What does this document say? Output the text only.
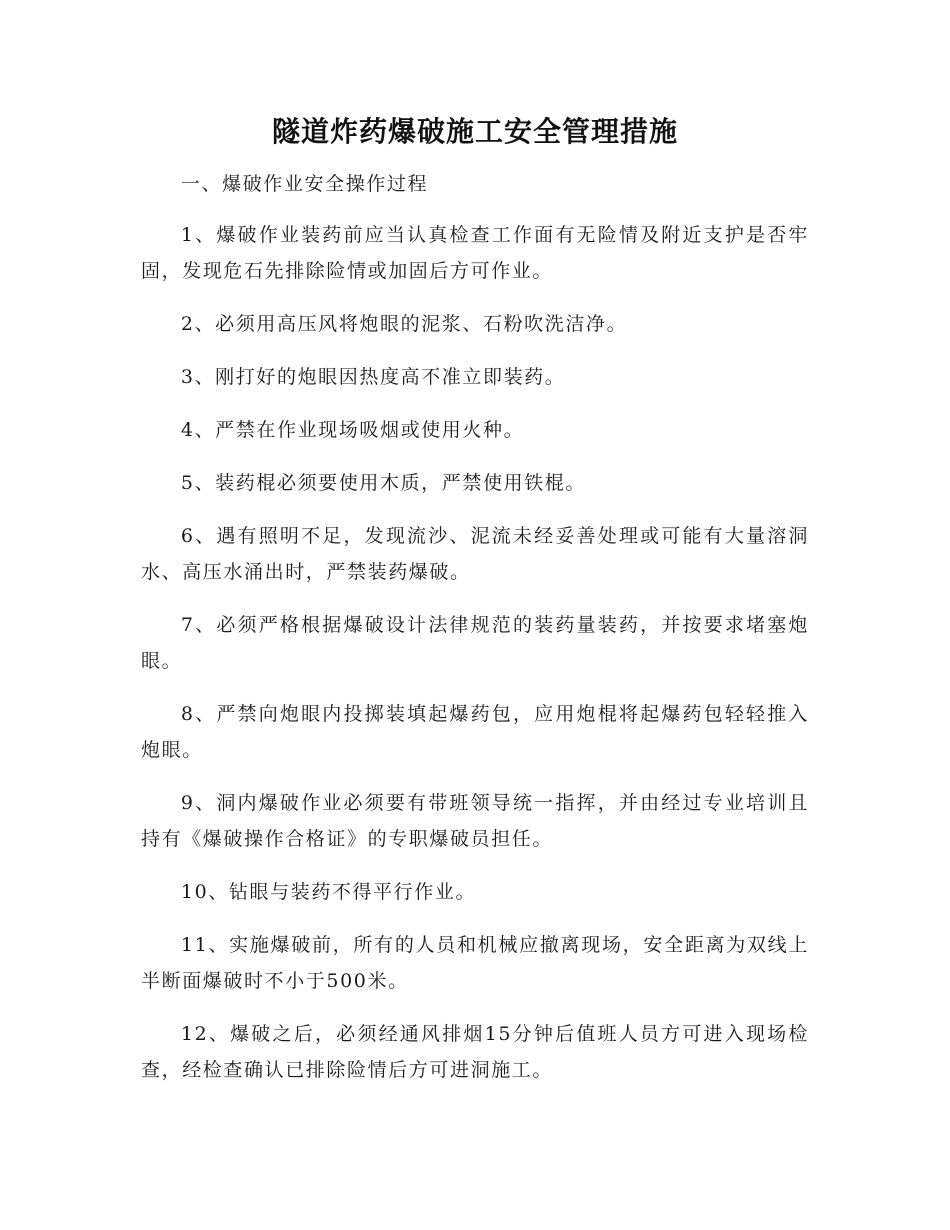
隧道炸药爆破施工安全管理措施

一、爆破作业安全操作过程

1、爆破作业装药前应当认真检查工作面有无险情及附近支护是否牢固，发现危石先排除险情或加固后方可作业。

2、必须用高压风将炮眼的泥浆、石粉吹洗洁净。

3、刚打好的炮眼因热度高不准立即装药。

4、严禁在作业现场吸烟或使用火种。

5、装药棍必须要使用木质，严禁使用铁棍。

6、遇有照明不足，发现流沙、泥流未经妥善处理或可能有大量溶洞水、高压水涌出时，严禁装药爆破。

7、必须严格根据爆破设计法律规范的装药量装药，并按要求堵塞炮眼。

8、严禁向炮眼内投掷装填起爆药包，应用炮棍将起爆药包轻轻推入炮眼。

9、洞内爆破作业必须要有带班领导统一指挥，并由经过专业培训且持有《爆破操作合格证》的专职爆破员担任。

10、钻眼与装药不得平行作业。

11、实施爆破前，所有的人员和机械应撤离现场，安全距离为双线上半断面爆破时不小于500米。

12、爆破之后，必须经通风排烟15分钟后值班人员方可进入现场检查，经检查确认已排除险情后方可进洞施工。
